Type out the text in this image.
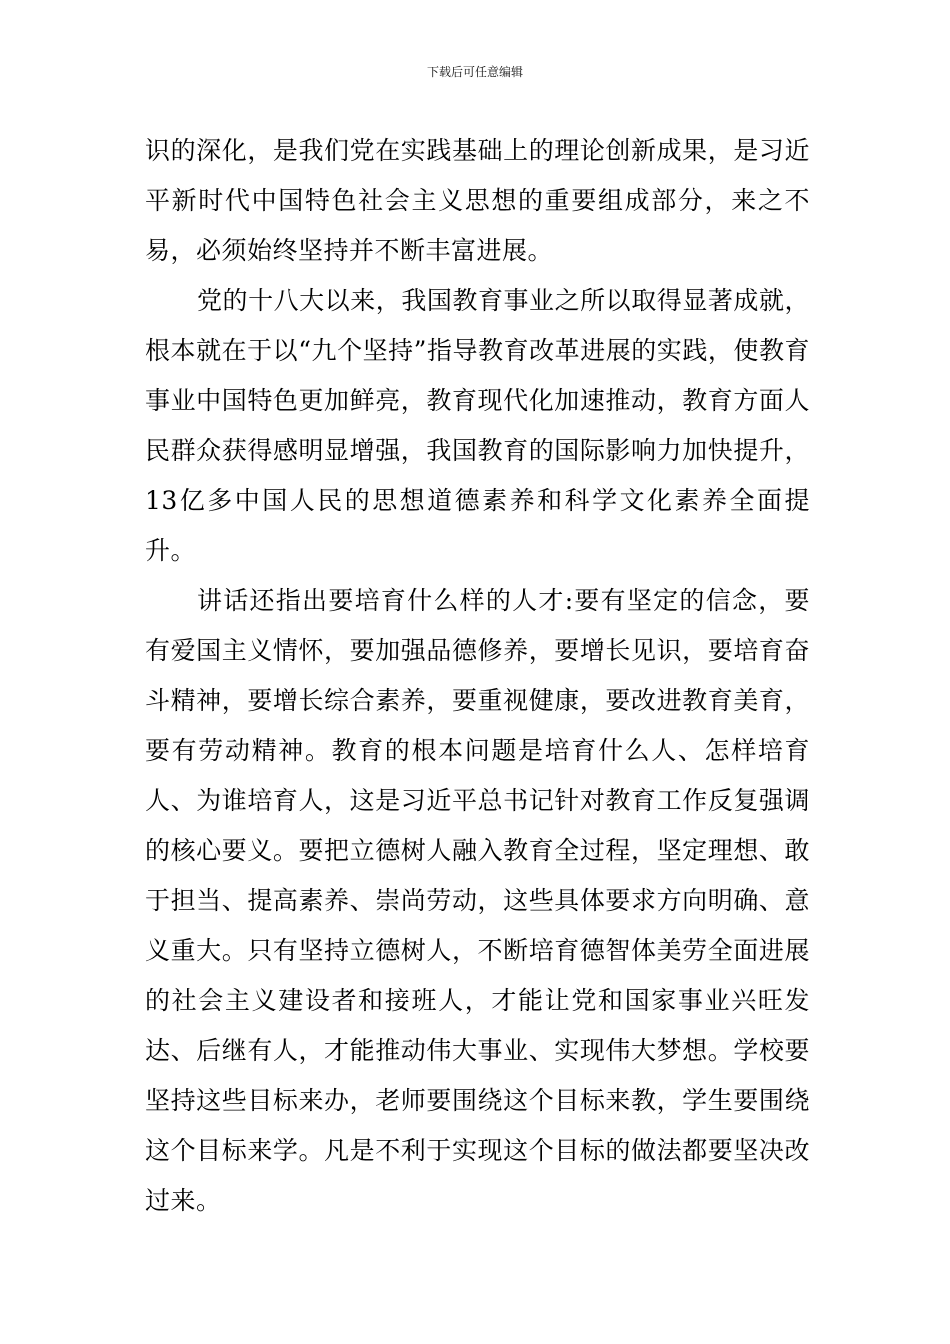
下载后可任意编辑

识的深化，是我们党在实践基础上的理论创新成果，是习近平新时代中国特色社会主义思想的重要组成部分，来之不易，必须始终坚持并不断丰富进展。

党的十八大以来，我国教育事业之所以取得显著成就，根本就在于以“九个坚持”指导教育改革进展的实践，使教育事业中国特色更加鲜亮，教育现代化加速推动，教育方面人民群众获得感明显增强，我国教育的国际影响力加快提升，13亿多中国人民的思想道德素养和科学文化素养全面提升。

讲话还指出要培育什么样的人才:要有坚定的信念，要有爱国主义情怀，要加强品德修养，要增长见识，要培育奋斗精神，要增长综合素养，要重视健康，要改进教育美育，要有劳动精神。教育的根本问题是培育什么人、怎样培育人、为谁培育人，这是习近平总书记针对教育工作反复强调的核心要义。要把立德树人融入教育全过程，坚定理想、敢于担当、提高素养、崇尚劳动，这些具体要求方向明确、意义重大。只有坚持立德树人，不断培育德智体美劳全面进展的社会主义建设者和接班人，才能让党和国家事业兴旺发达、后继有人，才能推动伟大事业、实现伟大梦想。学校要坚持这些目标来办，老师要围绕这个目标来教，学生要围绕这个目标来学。凡是不利于实现这个目标的做法都要坚决改过来。
